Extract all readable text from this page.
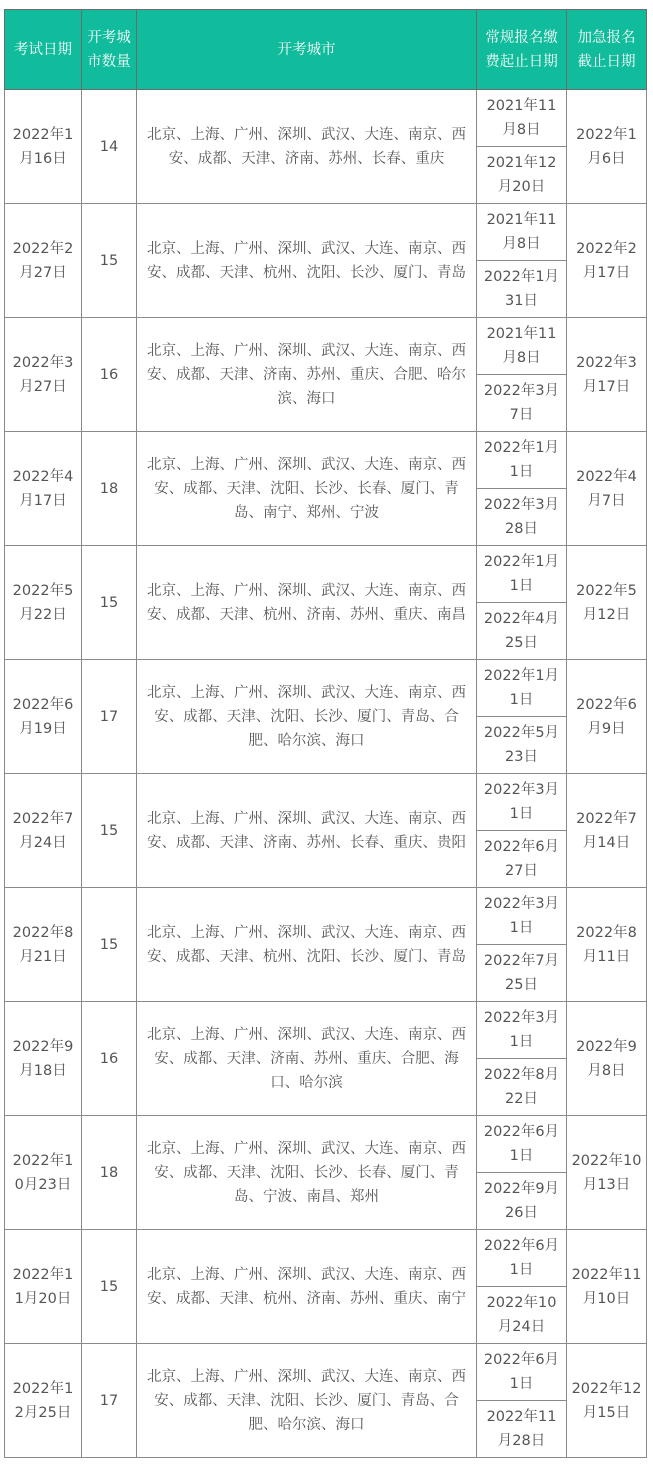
考试日期	开考城市数量	开考城市	常规报名缴费起止日期	加急报名截止日期
2022年1月16日	14	北京、上海、广州、深圳、武汉、大连、南京、西安、成都、天津、济南、苏州、长春、重庆	2021年11月8日	2022年1月6日
			2021年12月20日	
2022年2月27日	15	北京、上海、广州、深圳、武汉、大连、南京、西安、成都、天津、杭州、沈阳、长沙、厦门、青岛	2021年11月8日	2022年2月17日
			2022年1月31日	
2022年3月27日	16	北京、上海、广州、深圳、武汉、大连、南京、西安、成都、天津、济南、苏州、重庆、合肥、哈尔滨、海口	2021年11月8日	2022年3月17日
			2022年3月7日	
2022年4月17日	18	北京、上海、广州、深圳、武汉、大连、南京、西安、成都、天津、沈阳、长沙、长春、厦门、青岛、南宁、郑州、宁波	2022年1月1日	2022年4月7日
			2022年3月28日	
2022年5月22日	15	北京、上海、广州、深圳、武汉、大连、南京、西安、成都、天津、杭州、济南、苏州、重庆、南昌	2022年1月1日	2022年5月12日
			2022年4月25日	
2022年6月19日	17	北京、上海、广州、深圳、武汉、大连、南京、西安、成都、天津、沈阳、长沙、厦门、青岛、合肥、哈尔滨、海口	2022年1月1日	2022年6月9日
			2022年5月23日	
2022年7月24日	15	北京、上海、广州、深圳、武汉、大连、南京、西安、成都、天津、济南、苏州、长春、重庆、贵阳	2022年3月1日	2022年7月14日
			2022年6月27日	
2022年8月21日	15	北京、上海、广州、深圳、武汉、大连、南京、西安、成都、天津、杭州、沈阳、长沙、厦门、青岛	2022年3月1日	2022年8月11日
			2022年7月25日	
2022年9月18日	16	北京、上海、广州、深圳、武汉、大连、南京、西安、成都、天津、济南、苏州、重庆、合肥、海口、哈尔滨	2022年3月1日	2022年9月8日
			2022年8月22日	
2022年10月23日	18	北京、上海、广州、深圳、武汉、大连、南京、西安、成都、天津、沈阳、长沙、长春、厦门、青岛、宁波、南昌、郑州	2022年6月1日	2022年10月13日
			2022年9月26日	
2022年11月20日	15	北京、上海、广州、深圳、武汉、大连、南京、西安、成都、天津、杭州、济南、苏州、重庆、南宁	2022年6月1日	2022年11月10日
			2022年10月24日	
2022年12月25日	17	北京、上海、广州、深圳、武汉、大连、南京、西安、成都、天津、沈阳、长沙、厦门、青岛、合肥、哈尔滨、海口	2022年6月1日	2022年12月15日
			2022年11月28日	
